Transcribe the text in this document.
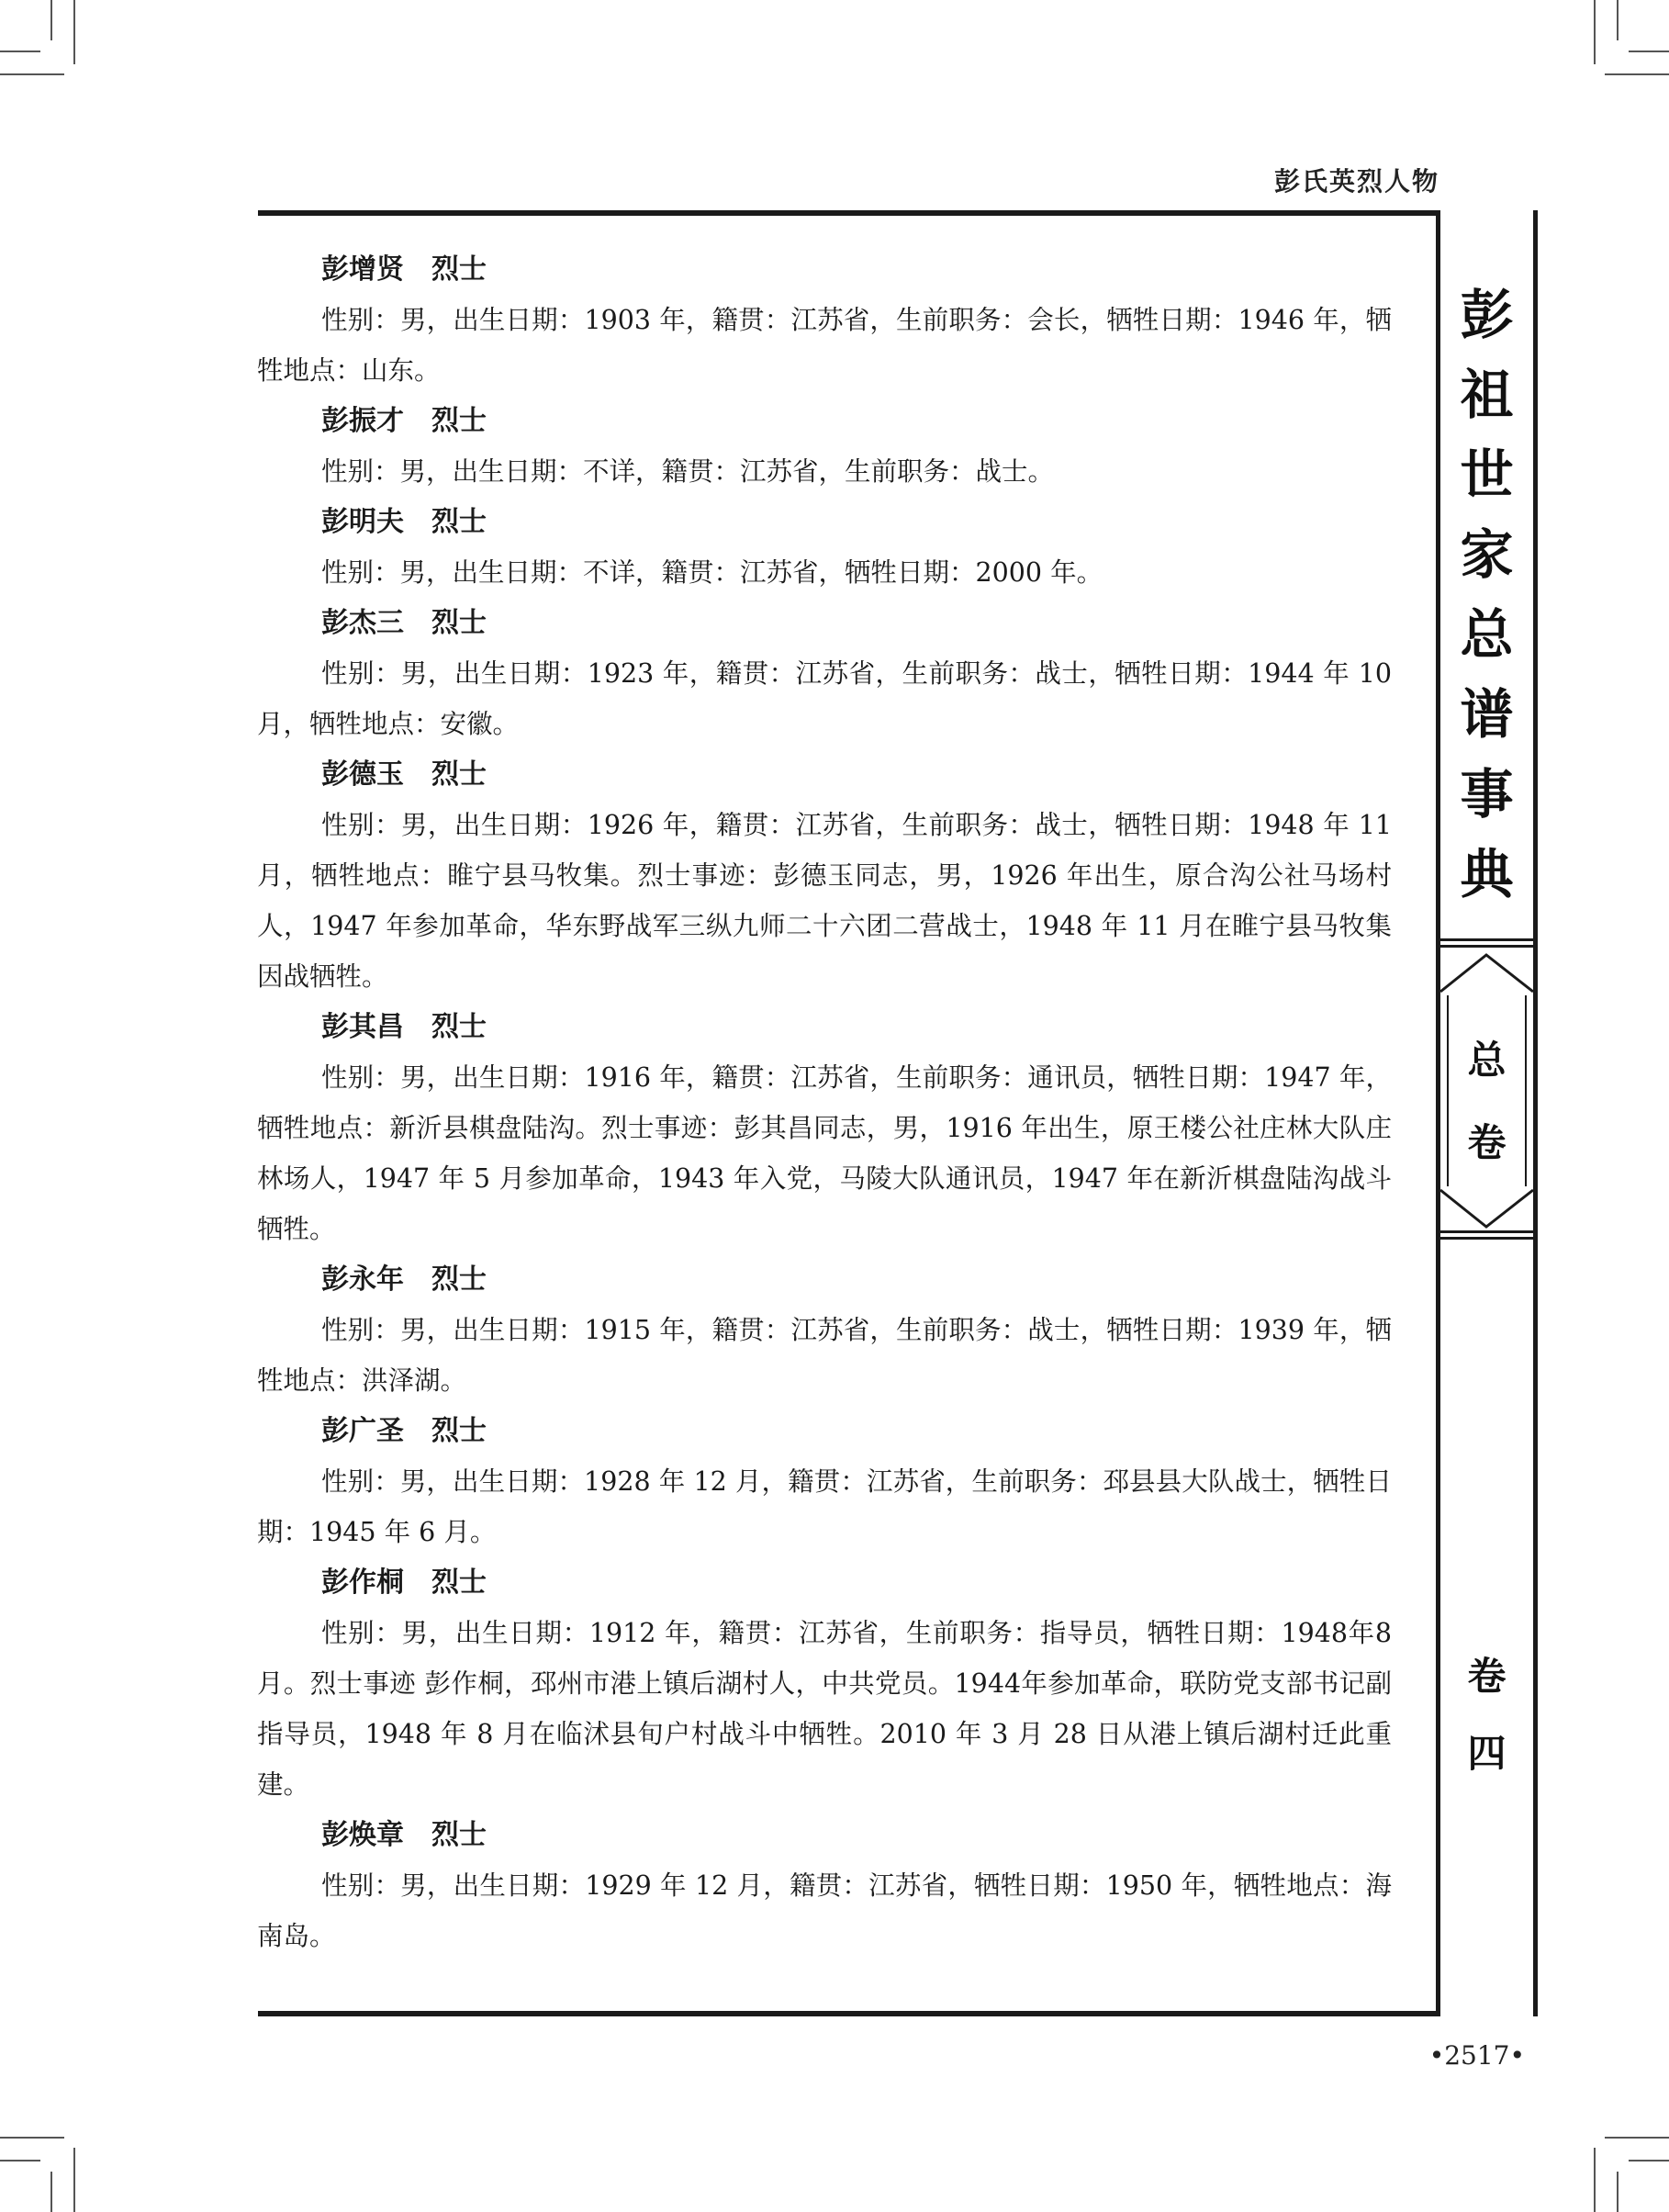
彭氏英烈人物
彭
祖
世
家
总
谱
事
典
总
卷
卷
四
彭增贤　烈士

性别：男，出生日期：1903 年，籍贯：江苏省，生前职务：会长，牺牲日期：1946 年，牺牲地点：山东。

彭振才　烈士

性别：男，出生日期：不详，籍贯：江苏省，生前职务：战士。

彭明夫　烈士

性别：男，出生日期：不详，籍贯：江苏省，牺牲日期：2000 年。

彭杰三　烈士

性别：男，出生日期：1923 年，籍贯：江苏省，生前职务：战士，牺牲日期：1944 年 10 月，牺牲地点：安徽。

彭德玉　烈士

性别：男，出生日期：1926 年，籍贯：江苏省，生前职务：战士，牺牲日期：1948 年 11 月，牺牲地点：睢宁县马牧集。烈士事迹：彭德玉同志，男，1926 年出生，原合沟公社马场村人，1947 年参加革命，华东野战军三纵九师二十六团二营战士，1948 年 11 月在睢宁县马牧集因战牺牲。

彭其昌　烈士

性别：男，出生日期：1916 年，籍贯：江苏省，生前职务：通讯员，牺牲日期：1947 年，牺牲地点：新沂县棋盘陆沟。烈士事迹：彭其昌同志，男，1916 年出生，原王楼公社庄林大队庄林场人，1947 年 5 月参加革命，1943 年入党，马陵大队通讯员，1947 年在新沂棋盘陆沟战斗牺牲。

彭永年　烈士

性别：男，出生日期：1915 年，籍贯：江苏省，生前职务：战士，牺牲日期：1939 年，牺牲地点：洪泽湖。

彭广圣　烈士

性别：男，出生日期：1928 年 12 月，籍贯：江苏省，生前职务：邳县县大队战士，牺牲日期：1945 年 6 月。

彭作桐　烈士

性别：男，出生日期：1912 年，籍贯：江苏省，生前职务：指导员，牺牲日期：1948年8月。烈士事迹 彭作桐，邳州市港上镇后湖村人，中共党员。1944年参加革命，联防党支部书记副指导员，1948 年 8 月在临沭县旬户村战斗中牺牲。2010 年 3 月 28 日从港上镇后湖村迁此重建。

彭焕章　烈士

性别：男，出生日期：1929 年 12 月，籍贯：江苏省，牺牲日期：1950 年，牺牲地点：海南岛。

•2517•
